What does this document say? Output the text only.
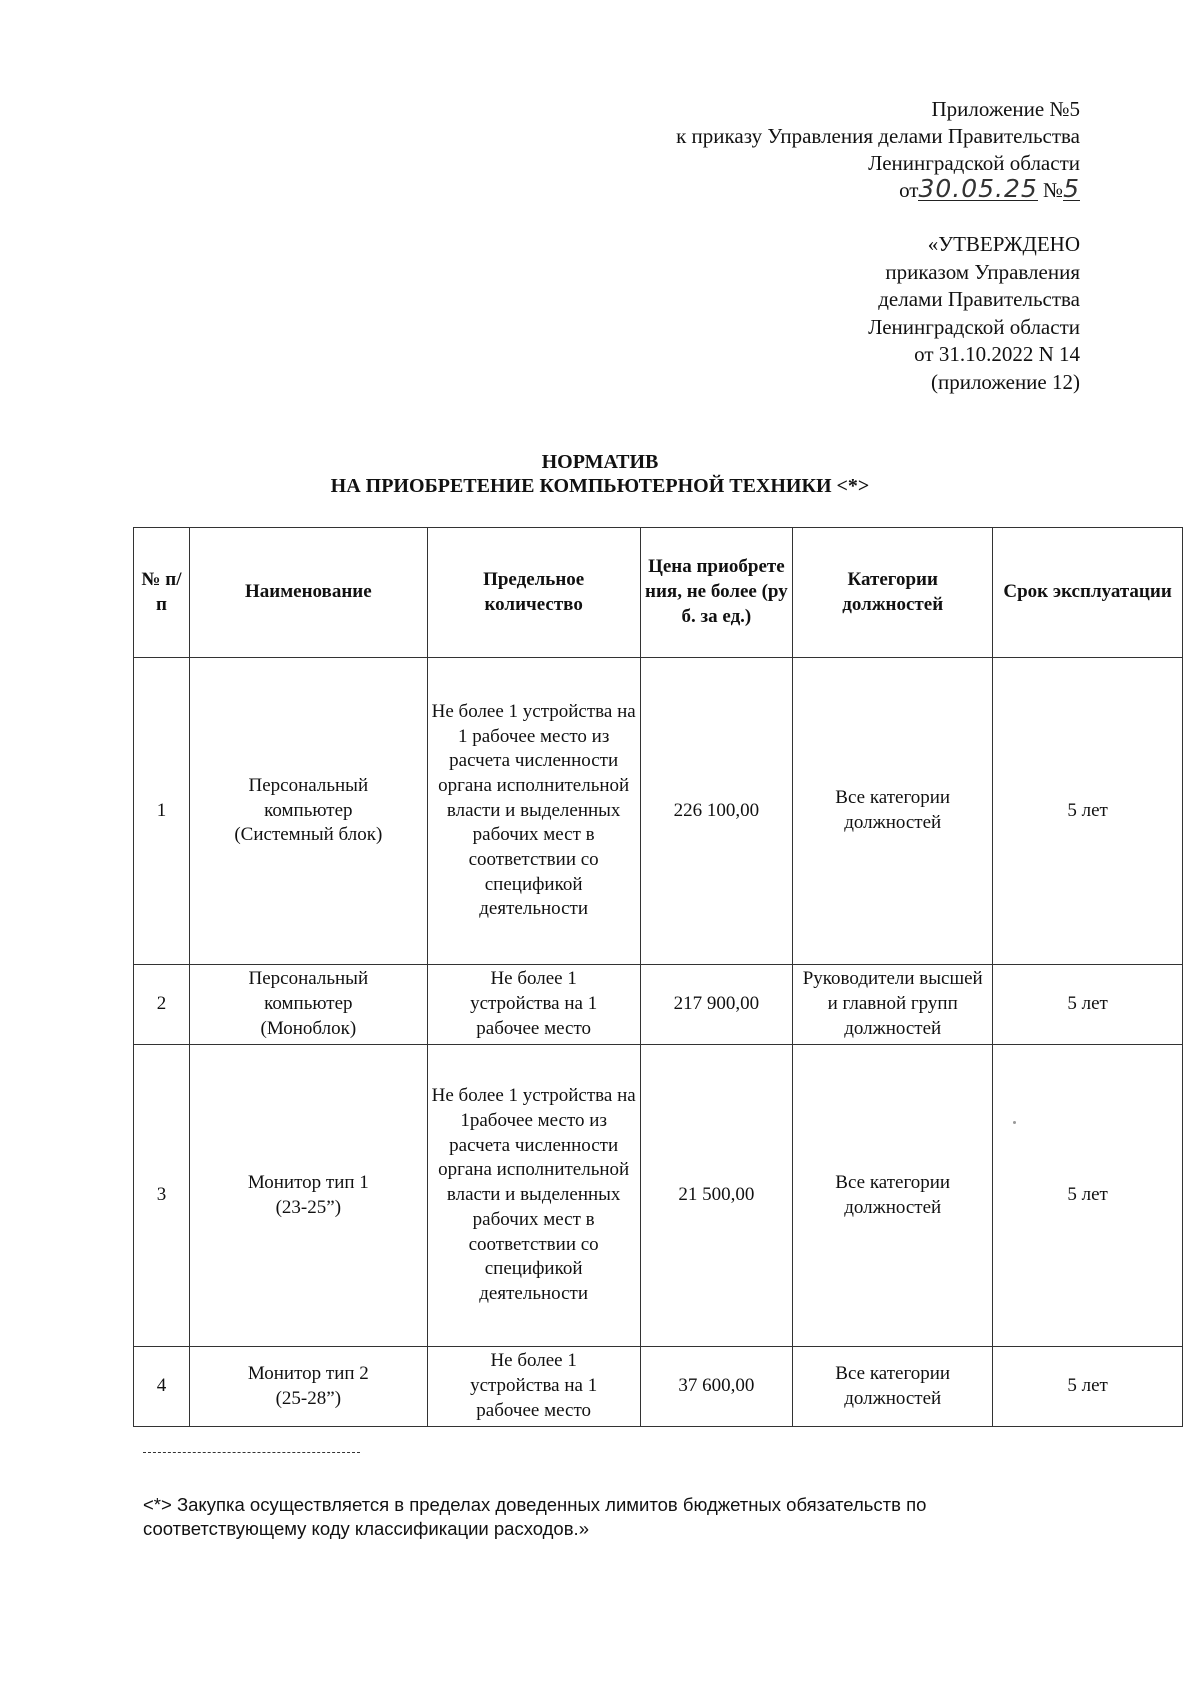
Приложение №5
к приказу Управления делами Правительства
Ленинградской области
от30.05.25 №5
«УТВЕРЖДЕНО
приказом Управления
делами Правительства
Ленинградской области
от 31.10.2022 N 14
(приложение 12)
НОРМАТИВ
НА ПРИОБРЕТЕНИЕ КОМПЬЮТЕРНОЙ ТЕХНИКИ <*>
№ п/п	Наименование	Предельное количество	Цена приобретения, не более (руб. за ед.)	Категории должностей	Срок эксплуатации
1	Персональный компьютер (Системный блок)	Не более 1 устройства на 1 рабочее место из расчета численности органа исполнительной власти и выделенных рабочих мест в соответствии со спецификой деятельности	226 100,00	Все категории должностей	5 лет
2	Персональный компьютер (Моноблок)	Не более 1 устройства на 1 рабочее место	217 900,00	Руководители высшей и главной групп должностей	5 лет
3	Монитор тип 1 (23-25”)	Не более 1 устройства на 1рабочее место из расчета численности органа исполнительной власти и выделенных рабочих мест в соответствии со спецификой деятельности	21 500,00	Все категории должностей	5 лет
4	Монитор тип 2 (25-28”)	Не более 1 устройства на 1 рабочее место	37 600,00	Все категории должностей	5 лет
<*> Закупка осуществляется в пределах доведенных лимитов бюджетных обязательств по соответствующему коду классификации расходов.»
